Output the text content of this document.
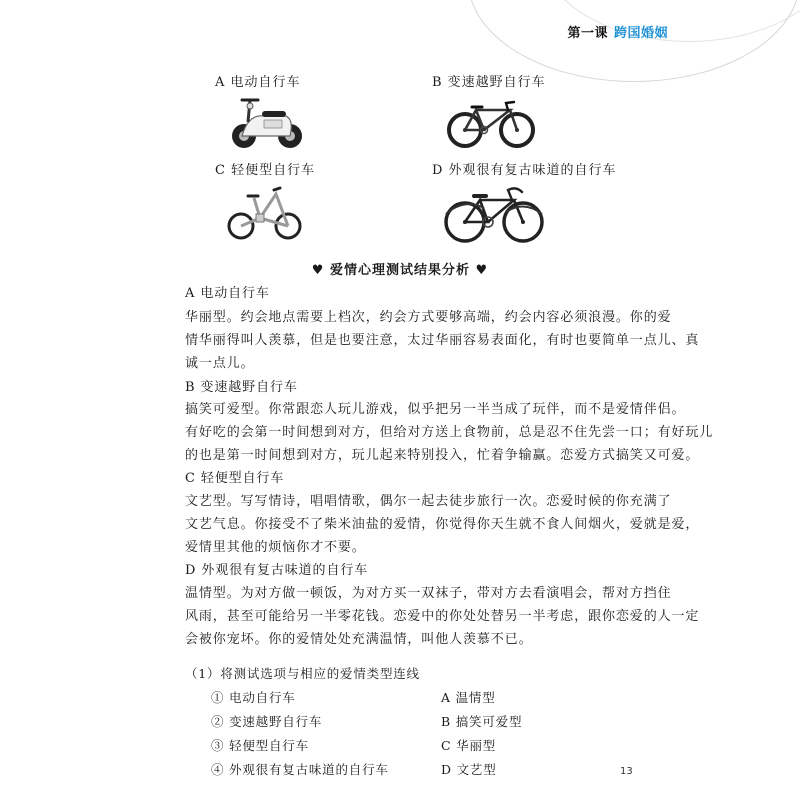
第一课 跨国婚姻
A 电动自行车	B 变速越野自行车
C 轻便型自行车	D 外观很有复古味道的自行车
♥ 爱情心理测试结果分析 ♥
A 电动自行车
华丽型。约会地点需要上档次，约会方式要够高端，约会内容必须浪漫。你的爱
情华丽得叫人羡慕，但是也要注意，太过华丽容易表面化，有时也要简单一点儿、真
诚一点儿。
B 变速越野自行车
搞笑可爱型。你常跟恋人玩儿游戏，似乎把另一半当成了玩伴，而不是爱情伴侣。
有好吃的会第一时间想到对方，但给对方送上食物前，总是忍不住先尝一口；有好玩儿
的也是第一时间想到对方，玩儿起来特别投入，忙着争输赢。恋爱方式搞笑又可爱。
C 轻便型自行车
文艺型。写写情诗，唱唱情歌，偶尔一起去徒步旅行一次。恋爱时候的你充满了
文艺气息。你接受不了柴米油盐的爱情，你觉得你天生就不食人间烟火，爱就是爱，
爱情里其他的烦恼你才不要。
D 外观很有复古味道的自行车
温情型。为对方做一顿饭，为对方买一双袜子，带对方去看演唱会，帮对方挡住
风雨，甚至可能给另一半零花钱。恋爱中的你处处替另一半考虑，跟你恋爱的人一定
会被你宠坏。你的爱情处处充满温情，叫他人羡慕不已。
（1）将测试选项与相应的爱情类型连线
① 电动自行车	A 温情型
② 变速越野自行车	B 搞笑可爱型
③ 轻便型自行车	C 华丽型
④ 外观很有复古味道的自行车	D 文艺型	13
